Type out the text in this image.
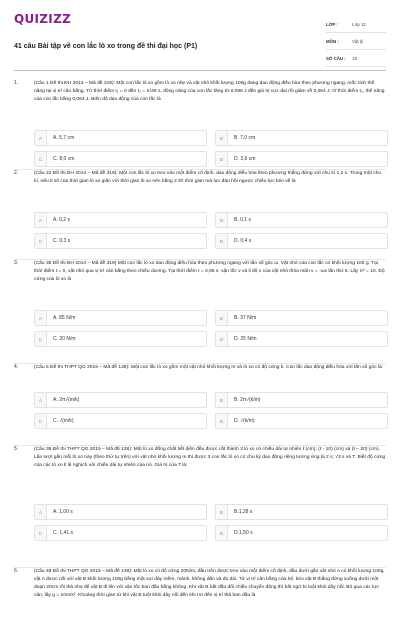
QUIZIZZ
41 câu Bài tập về con lắc lò xo trong đề thi đại học (P1)
LỚP :	Lớp 12
MÔN :	Vật lý
SỐ CÂU :	15
1.	(Câu 1 Đề thi ĐH 2014 – Mã đề 319): Một con lắc lò xo gồm lò xo nhẹ và vật nhỏ khối lượng 100g đang dao động điều hòa theo phương ngang, mốc tính thế năng tại vị trí cân bằng. Từ thời điểm t₁ = 0 đến t₂ = π/48 s, động năng của con lắc tăng từ 0,096 J đến giá trị cực đại rồi giảm về 0,064 J. Ở thời điểm t₂, thế năng của con lắc bằng 0,064 J. Biên độ dao động của con lắc là
A	A. 5,7 cm	B	B. 7,0 cm
C	C. 8,0 cm	D	D. 3,6 cm
2.	(Câu 22 Đề thi ĐH 2014 – Mã đề 319): Một con lắc lò xo treo vào một điểm cố định, dao động điều hòa theo phương thẳng đứng với chu kì 1,2 s. Trong một chu kì, nếu tỉ số của thời gian lò xo giãn với thời gian lò xo nén bằng 2 thì thời gian mà lực đàn hồi ngược chiều lực kéo về là
A	A. 0,2 s	B	B. 0,1 s
C	C. 0,3 s	D	D. 0,4 s
3.	(Câu 35 Đề thi ĐH 2014 – Mã đề 319) Một con lắc lò xo dao động điều hòa theo phương ngang với tần số góc ω. Vật nhỏ của con lắc có khối lượng 100 g. Tại thời điểm t = 0, vật nhỏ qua vị trí cân bằng theo chiều dương. Tại thời điểm t = 0,95 s, vận tốc v và li độ x của vật nhỏ thỏa mãn v = -ωx lần thứ 5. Lấy π² = 10. Độ cứng của lò xo là
A	A. 85 N/m	B	B. 37 N/m
C	C. 20 N/m	D	D. 25 N/m
4.	(Câu 5 Đề thi THPT QG 2015 – Mã đề 138): Một con lắc lò xo gồm một vật nhỏ khối lượng m và lò xo có độ cứng k. Con lắc dao động điều hòa với tần số góc là:
A	A. 2π√(m/k)	B	B. 2π√(k/m)
C	C. √(m/k)	D	D. √(k/m)
5.	(Câu 39 Đề thi THPT QG 2015 – Mã đề 138): Một lò xo đồng chất tiết diện đều được cắt thành 3 lò xo có chiều dài tự nhiên ℓ (cm); (ℓ - 10) (cm) và (ℓ – 20) (cm). Lần lượt gắn mỗi lò xo này (theo thứ tự trên) với vật nhỏ khối lượng m thì được 3 con lắc lò xo có chu kỳ dao động riêng tương ứng là 2 s; √3 s và T. Biết độ cứng của các lò xo tỉ lệ nghịch với chiều dài tự nhiên của nó. Giá trị của T là:
A	A. 1,00 s	B	B.1,28 s
C	C. 1,41 s	D	D.1,50 s
6.	(Câu 48 Đề thi THPT QG 2015 – Mã đề 138): Một lò xo có độ cứng 20N/m, đầu trên được treo vào một điểm cố định, đầu dưới gắn vật nhỏ A có khối lượng 100g, vật A được nối với vật B khối lượng 100g bằng một sợi dây mềm, mảnh, không dãn và đủ dài. Từ vị trí cân bằng của hệ, kéo vật B thẳng đứng xuống dưới một đoạn 20cm rồi thả nhẹ để vật B đi lên với vận tốc ban đầu bằng không. Khi vật B bắt đầu đổi chiều chuyển động thì bất ngờ bị tuột khỏi dây nối. Bỏ qua các lực cản, lấy g = 10m/s². Khoảng thời gian từ khi vật B tuột khỏi dây nối đến khi rơi đến vị trí thả ban đầu là
